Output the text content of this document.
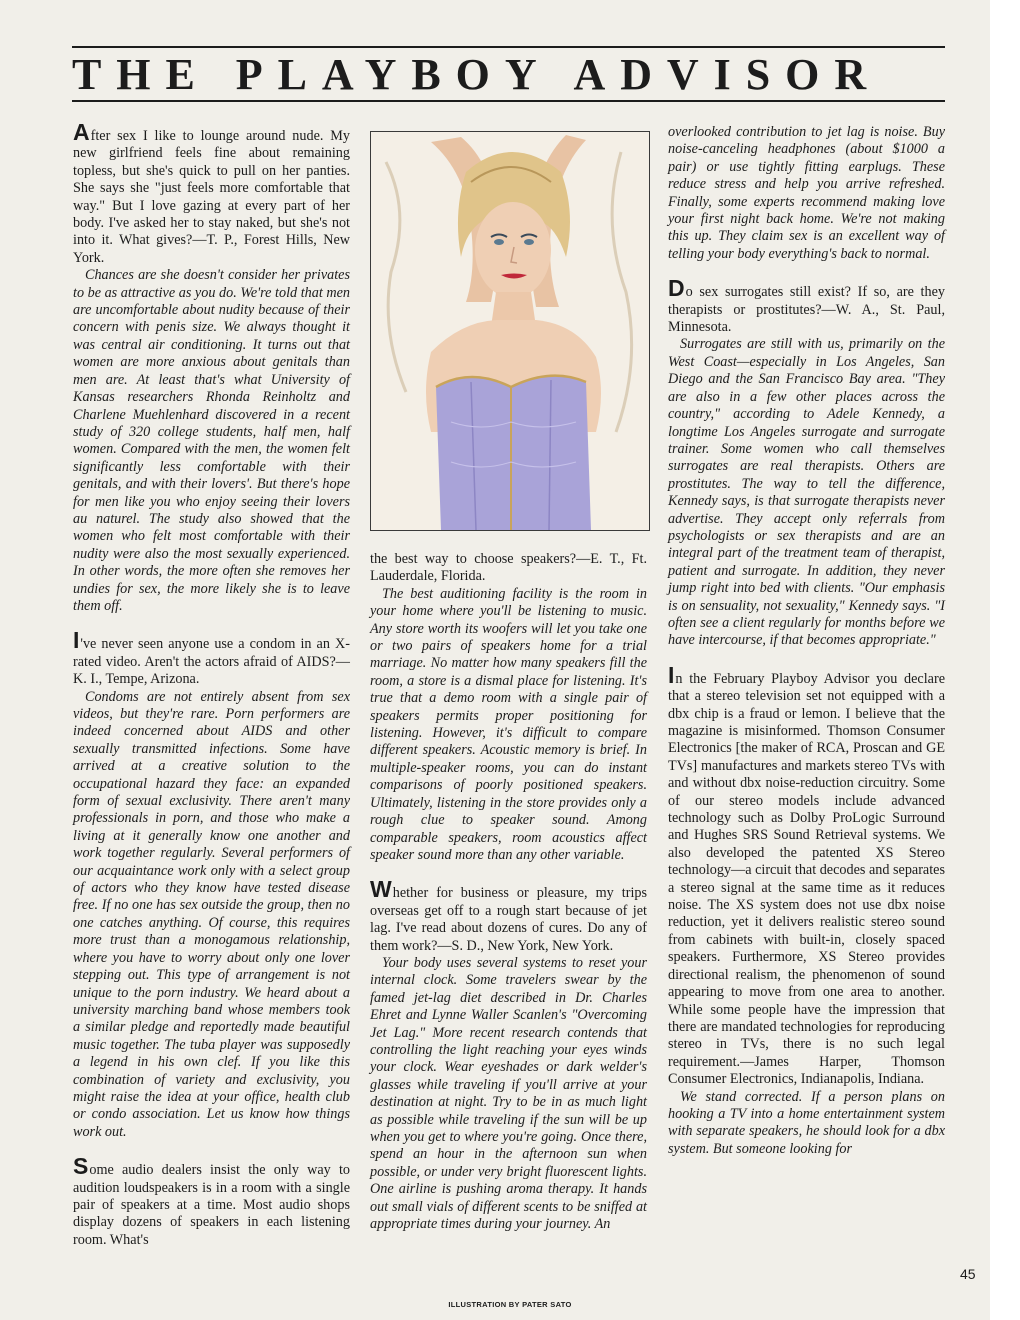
THE PLAYBOY ADVISOR

After sex I like to lounge around nude. My new girlfriend feels fine about remaining topless, but she's quick to pull on her panties. She says she "just feels more comfortable that way." But I love gazing at every part of her body. I've asked her to stay naked, but she's not into it. What gives?—T. P., Forest Hills, New York.

Chances are she doesn't consider her privates to be as attractive as you do. We're told that men are uncomfortable about nudity because of their concern with penis size. We always thought it was central air conditioning. It turns out that women are more anxious about genitals than men are. At least that's what University of Kansas researchers Rhonda Reinholtz and Charlene Muehlenhard discovered in a recent study of 320 college students, half men, half women. Compared with the men, the women felt significantly less comfortable with their genitals, and with their lovers'. But there's hope for men like you who enjoy seeing their lovers au naturel. The study also showed that the women who felt most comfortable with their nudity were also the most sexually experienced. In other words, the more often she removes her undies for sex, the more likely she is to leave them off.

I've never seen anyone use a condom in an X-rated video. Aren't the actors afraid of AIDS?—K. I., Tempe, Arizona.

Condoms are not entirely absent from sex videos, but they're rare. Porn performers are indeed concerned about AIDS and other sexually transmitted infections. Some have arrived at a creative solution to the occupational hazard they face: an expanded form of sexual exclusivity. There aren't many professionals in porn, and those who make a living at it generally know one another and work together regularly. Several performers of our acquaintance work only with a select group of actors who they know have tested disease free. If no one has sex outside the group, then no one catches anything. Of course, this requires more trust than a monogamous relationship, where you have to worry about only one lover stepping out. This type of arrangement is not unique to the porn industry. We heard about a university marching band whose members took a similar pledge and reportedly made beautiful music together. The tuba player was supposedly a legend in his own clef. If you like this combination of variety and exclusivity, you might raise the idea at your office, health club or condo association. Let us know how things work out.

Some audio dealers insist the only way to audition loudspeakers is in a room with a single pair of speakers at a time. Most audio shops display dozens of speakers in each listening room. What's

the best way to choose speakers?—E. T., Ft. Lauderdale, Florida.

The best auditioning facility is the room in your home where you'll be listening to music. Any store worth its woofers will let you take one or two pairs of speakers home for a trial marriage. No matter how many speakers fill the room, a store is a dismal place for listening. It's true that a demo room with a single pair of speakers permits proper positioning for listening. However, it's difficult to compare different speakers. Acoustic memory is brief. In multiple-speaker rooms, you can do instant comparisons of poorly positioned speakers. Ultimately, listening in the store provides only a rough clue to speaker sound. Among comparable speakers, room acoustics affect speaker sound more than any other variable.

Whether for business or pleasure, my trips overseas get off to a rough start because of jet lag. I've read about dozens of cures. Do any of them work?—S. D., New York, New York.

Your body uses several systems to reset your internal clock. Some travelers swear by the famed jet-lag diet described in Dr. Charles Ehret and Lynne Waller Scanlen's "Overcoming Jet Lag." More recent research contends that controlling the light reaching your eyes winds your clock. Wear eyeshades or dark welder's glasses while traveling if you'll arrive at your destination at night. Try to be in as much light as possible while traveling if the sun will be up when you get to where you're going. Once there, spend an hour in the afternoon sun when possible, or under very bright fluorescent lights. One airline is pushing aroma therapy. It hands out small vials of different scents to be sniffed at appropriate times during your journey. An

overlooked contribution to jet lag is noise. Buy noise-canceling headphones (about $1000 a pair) or use tightly fitting earplugs. These reduce stress and help you arrive refreshed. Finally, some experts recommend making love your first night back home. We're not making this up. They claim sex is an excellent way of telling your body everything's back to normal.

Do sex surrogates still exist? If so, are they therapists or prostitutes?—W. A., St. Paul, Minnesota.

Surrogates are still with us, primarily on the West Coast—especially in Los Angeles, San Diego and the San Francisco Bay area. "They are also in a few other places across the country," according to Adele Kennedy, a longtime Los Angeles surrogate and surrogate trainer. Some women who call themselves surrogates are real therapists. Others are prostitutes. The way to tell the difference, Kennedy says, is that surrogate therapists never advertise. They accept only referrals from psychologists or sex therapists and are an integral part of the treatment team of therapist, patient and surrogate. In addition, they never jump right into bed with clients. "Our emphasis is on sensuality, not sexuality," Kennedy says. "I often see a client regularly for months before we have intercourse, if that becomes appropriate."

In the February Playboy Advisor you declare that a stereo television set not equipped with a dbx chip is a fraud or lemon. I believe that the magazine is misinformed. Thomson Consumer Electronics [the maker of RCA, Proscan and GE TVs] manufactures and markets stereo TVs with and without dbx noise-reduction circuitry. Some of our stereo models include advanced technology such as Dolby ProLogic Surround and Hughes SRS Sound Retrieval systems. We also developed the patented XS Stereo technology—a circuit that decodes and separates a stereo signal at the same time as it reduces noise. The XS system does not use dbx noise reduction, yet it delivers realistic stereo sound from cabinets with built-in, closely spaced speakers. Furthermore, XS Stereo provides directional realism, the phenomenon of sound appearing to move from one area to another. While some people have the impression that there are mandated technologies for reproducing stereo in TVs, there is no such legal requirement.—James Harper, Thomson Consumer Electronics, Indianapolis, Indiana.

We stand corrected. If a person plans on hooking a TV into a home entertainment system with separate speakers, he should look for a dbx system. But someone looking for

45
ILLUSTRATION BY PATER SATO
